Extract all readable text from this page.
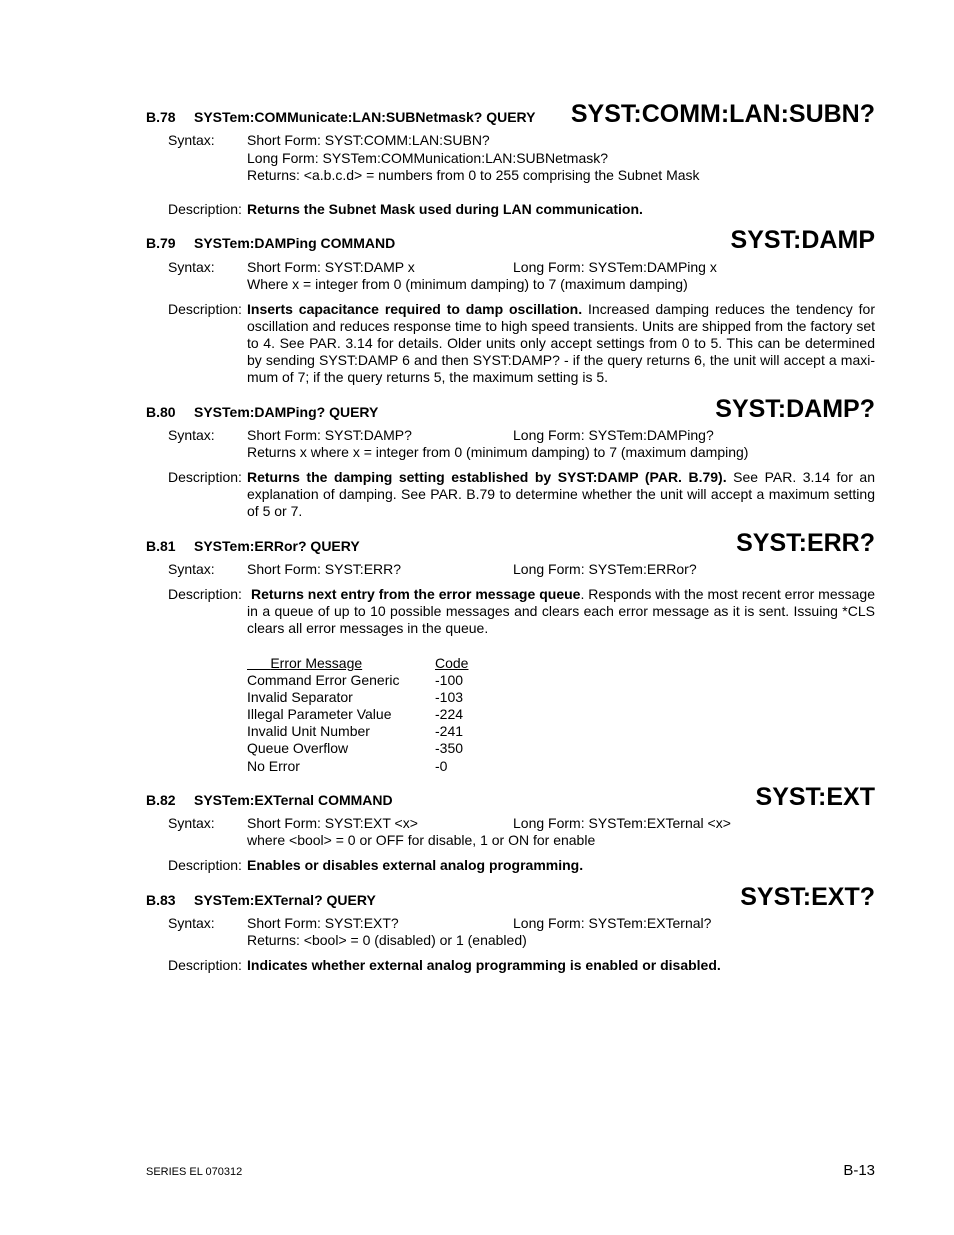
B.78 SYSTem:COMMunicate:LAN:SUBNetmask? QUERY SYST:COMM:LAN:SUBN?
Syntax: Short Form: SYST:COMM:LAN:SUBN?
Long Form: SYSTem:COMMunication:LAN:SUBNetmask?
Returns: <a.b.c.d> = numbers from 0 to 255 comprising the Subnet Mask
Description: Returns the Subnet Mask used during LAN communication.
B.79 SYSTem:DAMPing COMMAND	SYST:DAMP
Syntax: Short Form: SYST:DAMP x	Long Form: SYSTem:DAMPing x
Where x = integer from 0 (minimum damping) to 7 (maximum damping)
Description: Inserts capacitance required to damp oscillation. Increased damping reduces the tendency for oscillation and reduces response time to high speed transients. Units are shipped from the factory set to 4. See PAR. 3.14 for details. Older units only accept settings from 0 to 5. This can be determined by sending SYST:DAMP 6 and then SYST:DAMP? - if the query returns 6, the unit will accept a maxi-mum of 7; if the query returns 5, the maximum setting is 5.
B.80 SYSTem:DAMPing? QUERY	SYST:DAMP?
Syntax: Short Form: SYST:DAMP?	Long Form: SYSTem:DAMPing?
Returns x where x = integer from 0 (minimum damping) to 7 (maximum damping)
Description: Returns the damping setting established by SYST:DAMP (PAR. B.79). See PAR. 3.14 for an explanation of damping. See PAR. B.79 to determine whether the unit will accept a maximum setting of 5 or 7.
B.81 SYSTem:ERRor? QUERY	SYST:ERR?
Syntax: Short Form: SYST:ERR?	Long Form: SYSTem:ERRor?
Description: Returns next entry from the error message queue. Responds with the most recent error message in a queue of up to 10 possible messages and clears each error message as it is sent. Issuing *CLS clears all error messages in the queue.
Error Message	Code
Command Error Generic	-100
Invalid Separator	-103
Illegal Parameter Value	-224
Invalid Unit Number	-241
Queue Overflow	-350
No Error	-0
B.82 SYSTem:EXTernal COMMAND	SYST:EXT
Syntax: Short Form: SYST:EXT <x>	Long Form: SYSTem:EXTernal <x>
where <bool> = 0 or OFF for disable, 1 or ON for enable
Description: Enables or disables external analog programming.
B.83 SYSTem:EXTernal? QUERY	SYST:EXT?
Syntax: Short Form: SYST:EXT?	Long Form: SYSTem:EXTernal?
Returns: <bool> = 0 (disabled) or 1 (enabled)
Description: Indicates whether external analog programming is enabled or disabled.
SERIES EL 070312	B-13
